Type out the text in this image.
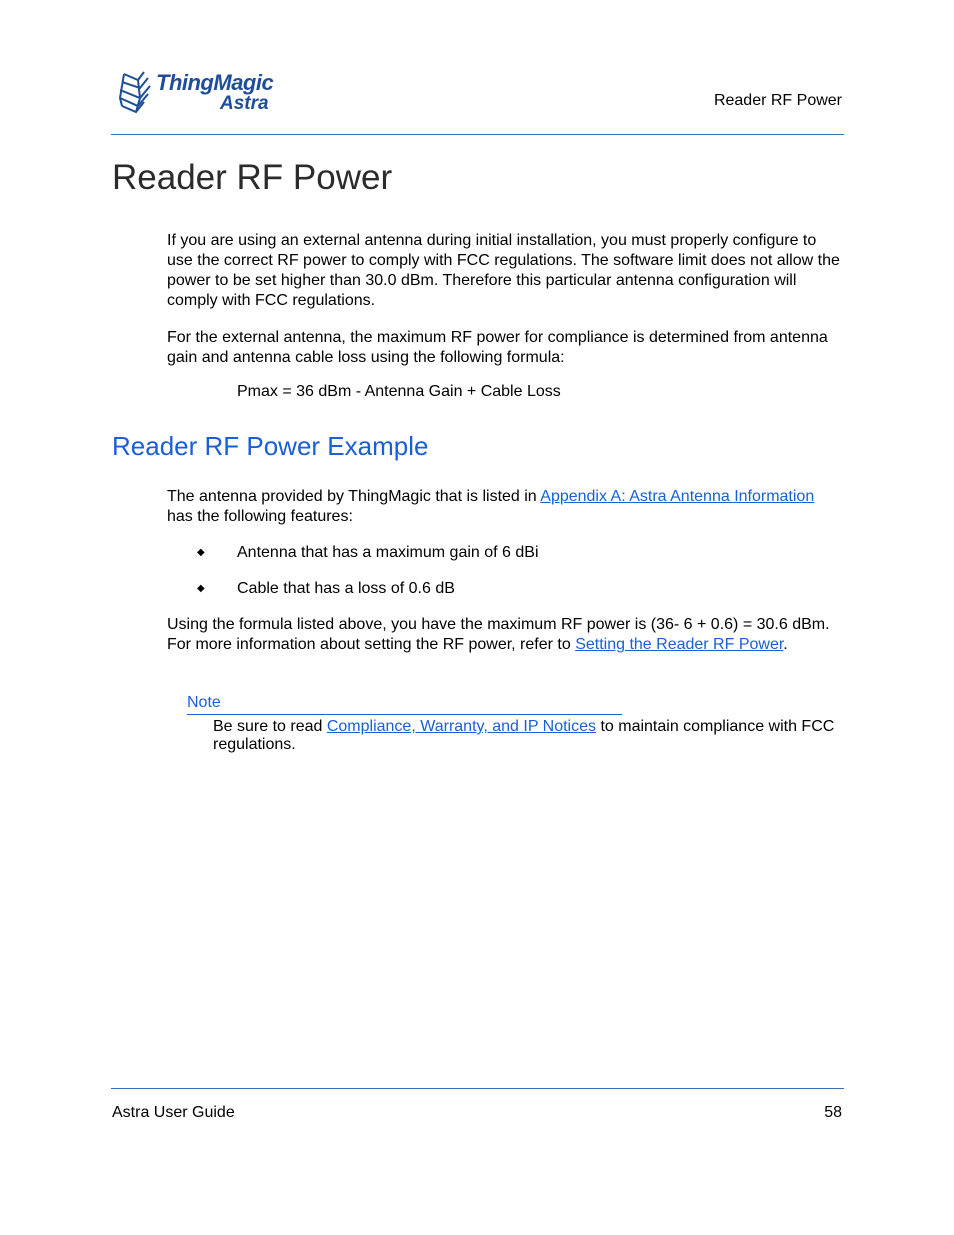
ThingMagic
Astra	Reader RF Power
Reader RF Power

If you are using an external antenna during initial installation, you must properly configure to use the correct RF power to comply with FCC regulations. The software limit does not allow the power to be set higher than 30.0 dBm. Therefore this particular antenna configuration will comply with FCC regulations.

For the external antenna, the maximum RF power for compliance is determined from antenna gain and antenna cable loss using the following formula:

Pmax = 36 dBm - Antenna Gain + Cable Loss
Reader RF Power Example

The antenna provided by ThingMagic that is listed in Appendix A: Astra Antenna Information has the following features:

◆ Antenna that has a maximum gain of 6 dBi
◆ Cable that has a loss of 0.6 dB

Using the formula listed above, you have the maximum RF power is (36- 6 + 0.6) = 30.6 dBm. For more information about setting the RF power, refer to Setting the Reader RF Power.

Note

Be sure to read Compliance, Warranty, and IP Notices to maintain compliance with FCC regulations.

Astra User Guide	58
